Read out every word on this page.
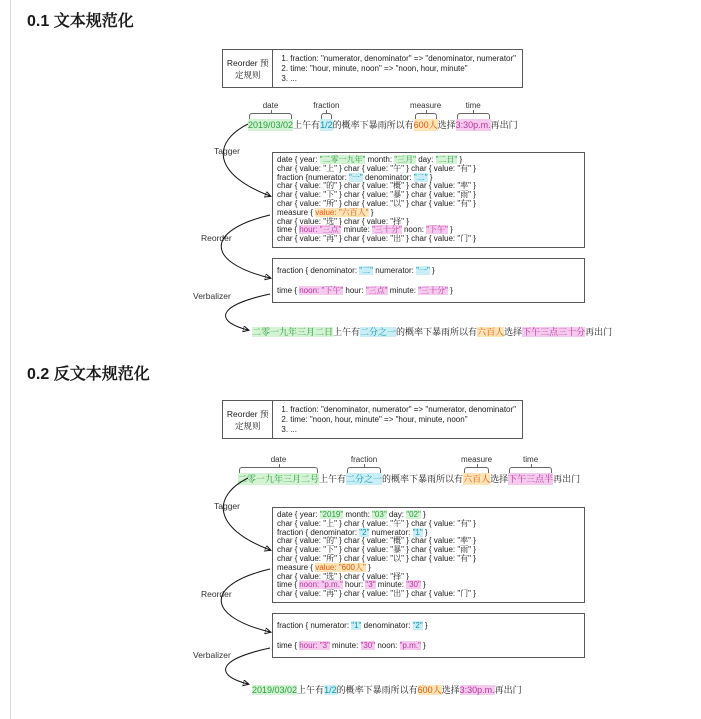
0.1 文本规范化
Reorder 预定规则
1. fraction: "numerator, denominator" => "denominator, numerator"
2. time: "hour, minute, noon" => "noon, hour, minute"
3. ...
date
2019/03/02上午有
fraction
1/2的概率下暴雨所以有
measure
600人选择
time
3:30p.m.再出门
Tagger
Reorder
Verbalizer
date { year: "二零一九年" month: "三月" day: "二日" }
char { value: "上" } char { value: "午" } char { value: "有" }
fraction {numerator: "一" denominator: "二" }
char { value: "的" } char { value: "概" } char { value: "率" }
char { value: "下" } char { value: "暴" } char { value: "雨" }
char { value: "所" } char { value: "以" } char { value: "有" }
measure { value: "六百人" }
char { value: "选" } char { value: "择" }
time { hour: "三点" minute: "三十分" noon: "下午" }
char { value: "再" } char { value: "出" } char { value: "门" }
fraction { denominator: "二" numerator: "一" }
time { noon: "下午" hour: "三点" minute: "三十分" }
二零一九年三月二日上午有二分之一的概率下暴雨所以有六百人选择下午三点三十分再出门
0.2 反文本规范化
Reorder 预定规则
1. fraction: "denominator, numerator" => "numerator, denominator"
2. time: "noon, hour, minute" => "hour, minute, noon"
3. ...
date
二零一九年三月二号上午有
fraction
二分之一的概率下暴雨所以有
measure
六百人选择
time
下午三点半再出门
Tagger
Reorder
Verbalizer
date { year: "2019" month: "03" day: "02" }
char { value: "上" } char { value: "午" } char { value: "有" }
fraction { denominator: "2" numerator: "1" }
char { value: "的" } char { value: "概" } char { value: "率" }
char { value: "下" } char { value: "暴" } char { value: "雨" }
char { value: "所" } char { value: "以" } char { value: "有" }
measure { value: "600人" }
char { value: "选" } char { value: "择" }
time { noon: "p.m." hour: "3" minute: "30" }
char { value: "再" } char { value: "出" } char { value: "门" }
fraction { numerator: "1" denominator: "2" }
time { hour: "3" minute: "30" noon: "p.m." }
2019/03/02上午有1/2的概率下暴雨所以有600人选择3:30p.m.再出门
